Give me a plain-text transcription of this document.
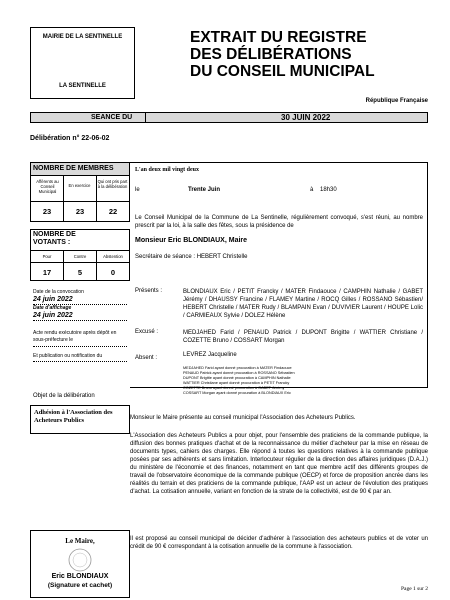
MAIRIE DE LA SENTINELLE
LA SENTINELLE
EXTRAIT DU REGISTRE
DES DÉLIBÉRATIONS
DU CONSEIL MUNICIPAL
République Française
SEANCE DU	30 JUIN 2022
Délibération n° 22-06-02
NOMBRE DE MEMBRES
Afférents au Conseil Municipal
En exercice
Qui ont pris part à la délibération
23	23	22
NOMBRE DE VOTANTS :
Pour	Contre	Abstention
17	5	0
Date de la convocation
24 juin 2022
Date d'affichage
24 juin 2022
Acte rendu exécutoire après dépôt en sous-préfecture le
Et publication ou notification du
Objet de la délibération
Adhésion à l'Association des Acheteurs Publics
Le Maire,
Eric BLONDIAUX
(Signature et cachet)
L'an deux mil vingt deux
le	Trente Juin	à 18h30
Le Conseil Municipal de la Commune de La Sentinelle, régulièrement convoqué, s'est réuni, au nombre prescrit par la loi, à la salle des fêtes, sous la présidence de
Monsieur Eric BLONDIAUX, Maire
Secrétaire de séance : HEBERT Christelle
Présents :	BLONDIAUX Eric / PETIT Francky / MATER Findaouce / CAMPHIN Nathalie / GABET Jérémy / DHAUSSY Francine / FLAMEY Martine / ROCQ Gilles / ROSSANO Sébastien/ HEBERT Christelle / MATER Rudy / BLAMPAIN Evan / DUVIVIER Laurent / HOUPE Lolic / CARMIEAUX Sylvie / DOLEZ Hélène
Excusé :	MEDJAHED Farid / PENAUD Patrick / DUPONT Brigitte / WATTIER Christiane / COZETTE Bruno / COSSART Morgan
Absent :	LEVREZ Jacqueline
MEDJAHED Farid ayant donné procuration à MATER Findaouce
PENAUD Patrick ayant donné procuration à ROSSANO Sébastien
DUPONT Brigitte ayant donné procuration à CAMPHIN Nathalie
WATTIER Christiane ayant donné procuration à PETIT Francky
COZETTE Bruno ayant donné procuration à GABET Jérémy
COSSART Morgan ayant donné procuration à BLONDIAUX Eric
Monsieur le Maire présente au conseil municipal l'Association des Acheteurs Publics.
L'Association des Acheteurs Publics a pour objet, pour l'ensemble des praticiens de la commande publique, la diffusion des bonnes pratiques d'achat et de la reconnaissance du métier d'acheteur par la mise en réseau de documents types, cahiers des charges. Elle répond à toutes les questions relatives à la commande publique posées par ses adhérents et sans limitation. Interlocuteur régulier de la direction des affaires juridiques (D.A.J.) du ministère de l'économie et des finances, notamment en tant que membre actif des différents groupes de travail de l'observatoire économique de la commande publique (OECP) et force de proposition ancrée dans les réalités du terrain et des praticiens de la commande publique, l'AAP est un acteur de l'évolution des pratiques d'achat. La cotisation annuelle, variant en fonction de la strate de la collectivité, est de 90 € par an.
Il est proposé au conseil municipal de décider d'adhérer à l'association des acheteurs publics et de voter un crédit de 90 € correspondant à la cotisation annuelle de la commune à l'association.
Page 1 sur 2
